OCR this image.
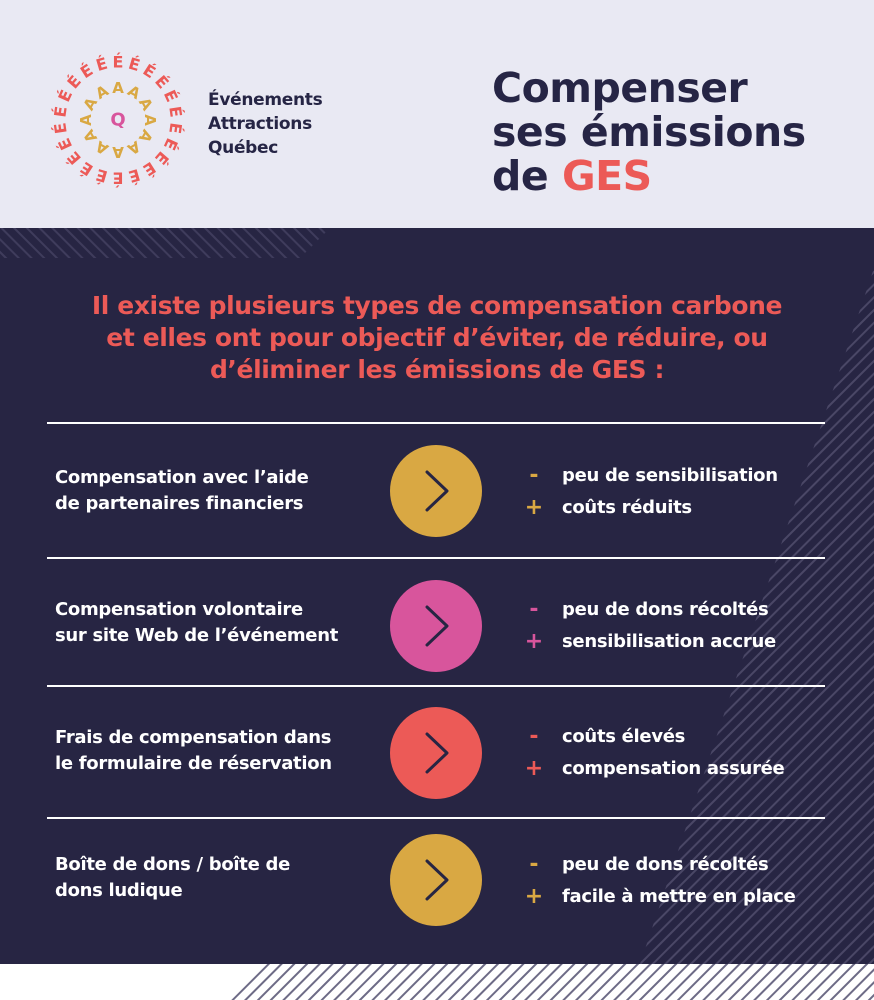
É É
É
É
É
É
É
É
É
É
É
É
É
É
É
É
É
É
É
É
É
É
A A
A
A
A
A
A
A
A
A
A
A
Q
Événements
Attractions
Québec
Compenser
ses émissions
de GES
Il existe plusieurs types de compensation carbone
et elles ont pour objectif d’éviter, de réduire, ou
d’éliminer les émissions de GES :
Compensation avec l’aide
de partenaires financiers
-	peu de sensibilisation
+ coûts réduits
Compensation volontaire
sur site Web de l’événement
-	peu de dons récoltés
+ sensibilisation accrue
Frais de compensation dans
le formulaire de réservation
-	coûts élevés
+ compensation assurée
Boîte de dons / boîte de
dons ludique
-	peu de dons récoltés
+ facile à mettre en place
